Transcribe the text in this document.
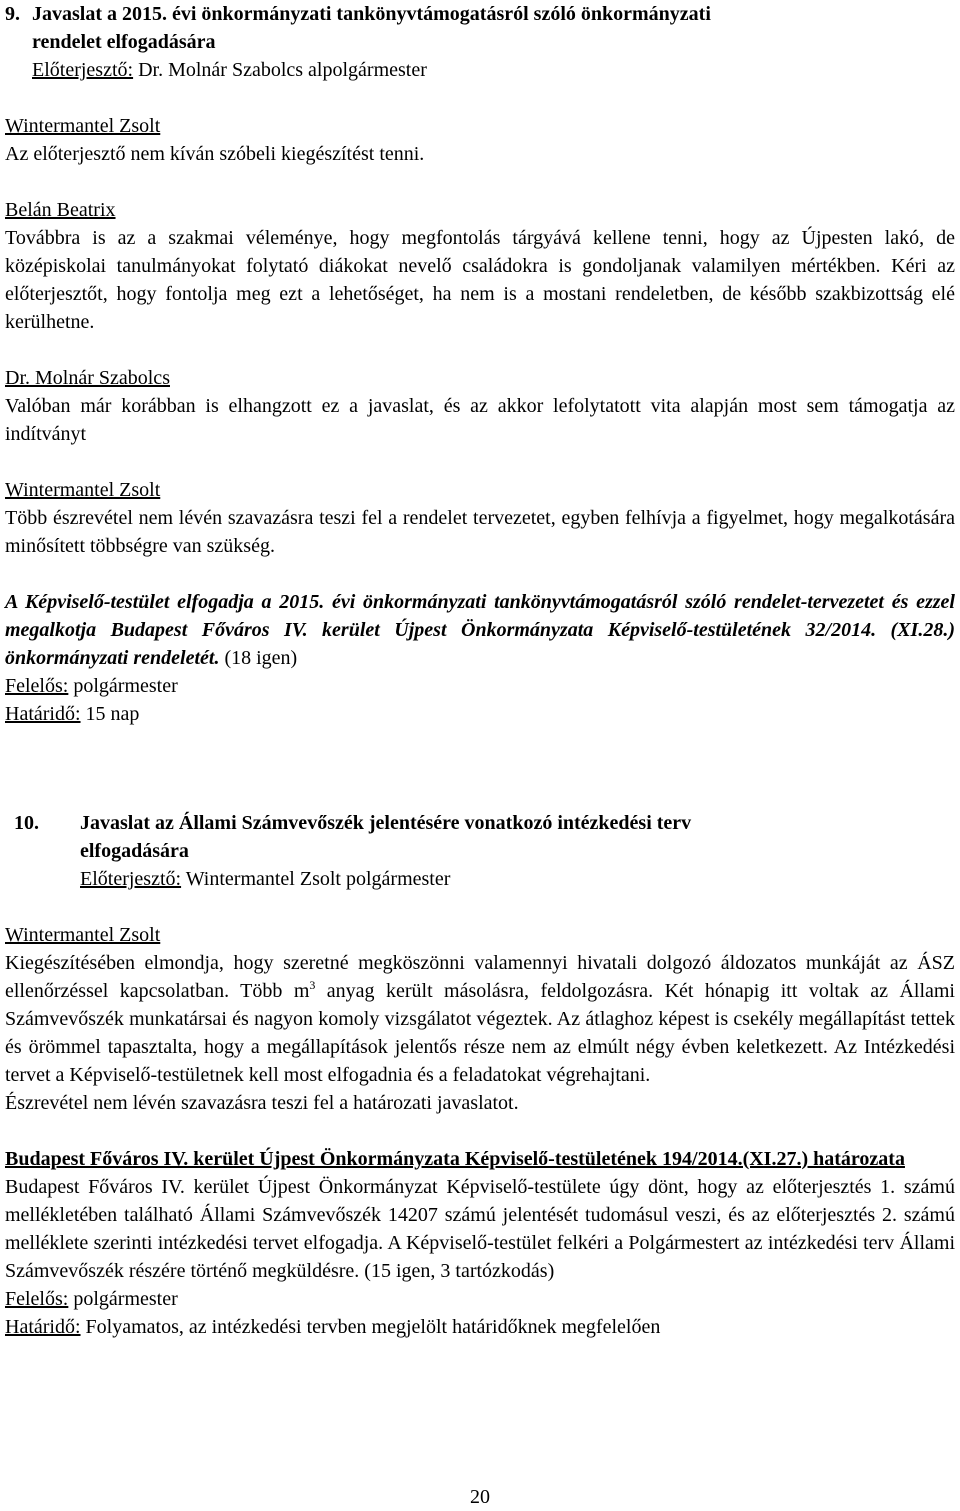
9. Javaslat a 2015. évi önkormányzati tankönyvtámogatásról szóló önkormányzati
rendelet elfogadására
Előterjesztő: Dr. Molnár Szabolcs alpolgármester
Wintermantel Zsolt
Az előterjesztő nem kíván szóbeli kiegészítést tenni.
Belán Beatrix
Továbbra is az a szakmai véleménye, hogy megfontolás tárgyává kellene tenni, hogy az Újpesten lakó, de középiskolai tanulmányokat folytató diákokat nevelő családokra is gondoljanak valamilyen mértékben. Kéri az előterjesztőt, hogy fontolja meg ezt a lehetőséget, ha nem is a mostani rendeletben, de később szakbizottság elé kerülhetne.
Dr. Molnár Szabolcs
Valóban már korábban is elhangzott ez a javaslat, és az akkor lefolytatott vita alapján most sem támogatja az indítványt
Wintermantel Zsolt
Több észrevétel nem lévén szavazásra teszi fel a rendelet tervezetet, egyben felhívja a figyelmet, hogy megalkotására minősített többségre van szükség.
A Képviselő-testület elfogadja a 2015. évi önkormányzati tankönyvtámogatásról szóló rendelet-tervezetet és ezzel megalkotja Budapest Főváros IV. kerület Újpest Önkormányzata Képviselő-testületének 32/2014. (XI.28.) önkormányzati rendeletét. (18 igen)
Felelős: polgármester
Határidő: 15 nap
10. Javaslat az Állami Számvevőszék jelentésére vonatkozó intézkedési terv
elfogadására
Előterjesztő: Wintermantel Zsolt polgármester
Wintermantel Zsolt
Kiegészítésében elmondja, hogy szeretné megköszönni valamennyi hivatali dolgozó áldozatos munkáját az ÁSZ ellenőrzéssel kapcsolatban. Több $m^3$ anyag került másolásra, feldolgozásra. Két hónapig itt voltak az Állami Számvevőszék munkatársai és nagyon komoly vizsgálatot végeztek. Az átlaghoz képest is csekély megállapítást tettek és örömmel tapasztalta, hogy a megállapítások jelentős része nem az elmúlt négy évben keletkezett. Az Intézkedési tervet a Képviselő-testületnek kell most elfogadnia és a feladatokat végrehajtani.
Észrevétel nem lévén szavazásra teszi fel a határozati javaslatot.
Budapest Főváros IV. kerület Újpest Önkormányzata Képviselő-testületének 194/2014.(XI.27.) határozata
Budapest Főváros IV. kerület Újpest Önkormányzat Képviselő-testülete úgy dönt, hogy az előterjesztés 1. számú mellékletében található Állami Számvevőszék 14207 számú jelentését tudomásul veszi, és az előterjesztés 2. számú melléklete szerinti intézkedési tervet elfogadja. A Képviselő-testület felkéri a Polgármestert az intézkedési terv Állami Számvevőszék részére történő megküldésre. (15 igen, 3 tartózkodás)
Felelős: polgármester
Határidő: Folyamatos, az intézkedési tervben megjelölt határidőknek megfelelően
20
